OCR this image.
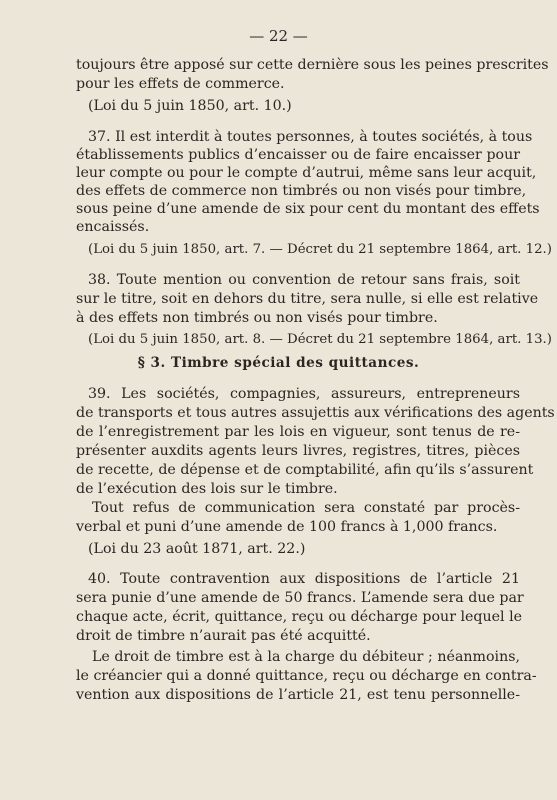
— 22 —
toujours être apposé sur cette dernière sous les peines prescrites
pour les effets de commerce.
(Loi du 5 juin 1850, art. 10.)
37. Il est interdit à toutes personnes, à toutes sociétés, à tous
établissements publics d’encaisser ou de faire encaisser pour
leur compte ou pour le compte d’autrui, même sans leur acquit,
des effets de commerce non timbrés ou non visés pour timbre,
sous peine d’une amende de six pour cent du montant des effets
encaissés.
(Loi du 5 juin 1850, art. 7. — Décret du 21 septembre 1864, art. 12.)
38. Toute mention ou convention de retour sans frais, soit
sur le titre, soit en dehors du titre, sera nulle, si elle est relative
à des effets non timbrés ou non visés pour timbre.
(Loi du 5 juin 1850, art. 8. — Décret du 21 septembre 1864, art. 13.)
§ 3. Timbre spécial des quittances.
39. Les sociétés, compagnies, assureurs, entrepreneurs
de transports et tous autres assujettis aux vérifications des agents
de l’enregistrement par les lois en vigueur, sont tenus de re-
présenter auxdits agents leurs livres, registres, titres, pièces
de recette, de dépense et de comptabilité, afin qu’ils s’assurent
de l’exécution des lois sur le timbre.
Tout refus de communication sera constaté par procès-
verbal et puni d’une amende de 100 francs à 1,000 francs.
(Loi du 23 août 1871, art. 22.)
40. Toute contravention aux dispositions de l’article 21
sera punie d’une amende de 50 francs. L’amende sera due par
chaque acte, écrit, quittance, reçu ou décharge pour lequel le
droit de timbre n’aurait pas été acquitté.
Le droit de timbre est à la charge du débiteur ; néanmoins,
le créancier qui a donné quittance, reçu ou décharge en contra-
vention aux dispositions de l’article 21, est tenu personnelle-
